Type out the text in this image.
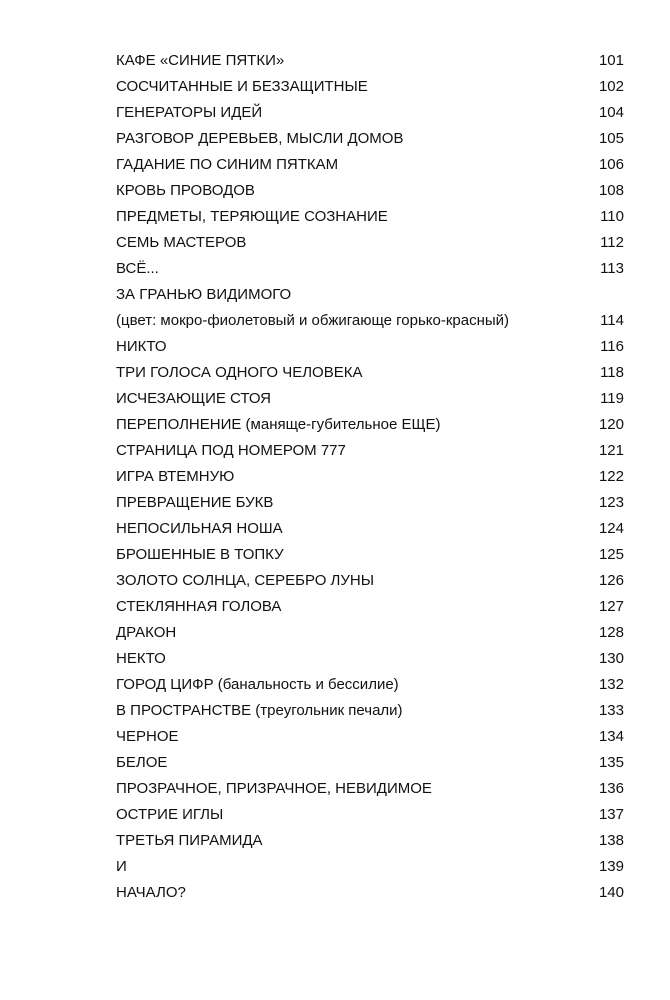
КАФЕ «СИНИЕ ПЯТКИ»	101
СОСЧИТАННЫЕ И БЕЗЗАЩИТНЫЕ	102
ГЕНЕРАТОРЫ ИДЕЙ	104
РАЗГОВОР ДЕРЕВЬЕВ, МЫСЛИ ДОМОВ	105
ГАДАНИЕ ПО СИНИМ ПЯТКАМ	106
КРОВЬ ПРОВОДОВ	108
ПРЕДМЕТЫ, ТЕРЯЮЩИЕ СОЗНАНИЕ	110
СЕМЬ МАСТЕРОВ	112
ВСЁ...	113
ЗА ГРАНЬЮ ВИДИМОГО
(цвет: мокро-фиолетовый и обжигающе горько-красный)	114
НИКТО	116
ТРИ ГОЛОСА ОДНОГО ЧЕЛОВЕКА	118
ИСЧЕЗАЮЩИЕ СТОЯ	119
ПЕРЕПОЛНЕНИЕ (маняще-губительное ЕЩЕ)	120
СТРАНИЦА ПОД НОМЕРОМ 777	121
ИГРА ВТЕМНУЮ	122
ПРЕВРАЩЕНИЕ БУКВ	123
НЕПОСИЛЬНАЯ НОША	124
БРОШЕННЫЕ В ТОПКУ	125
ЗОЛОТО СОЛНЦА, СЕРЕБРО ЛУНЫ	126
СТЕКЛЯННАЯ ГОЛОВА	127
ДРАКОН	128
НЕКТО	130
ГОРОД ЦИФР (банальность и бессилие)	132
В ПРОСТРАНСТВЕ (треугольник печали)	133
ЧЕРНОЕ	134
БЕЛОЕ	135
ПРОЗРАЧНОЕ, ПРИЗРАЧНОЕ, НЕВИДИМОЕ	136
ОСТРИЕ ИГЛЫ	137
ТРЕТЬЯ ПИРАМИДА	138
И	139
НАЧАЛО?	140
